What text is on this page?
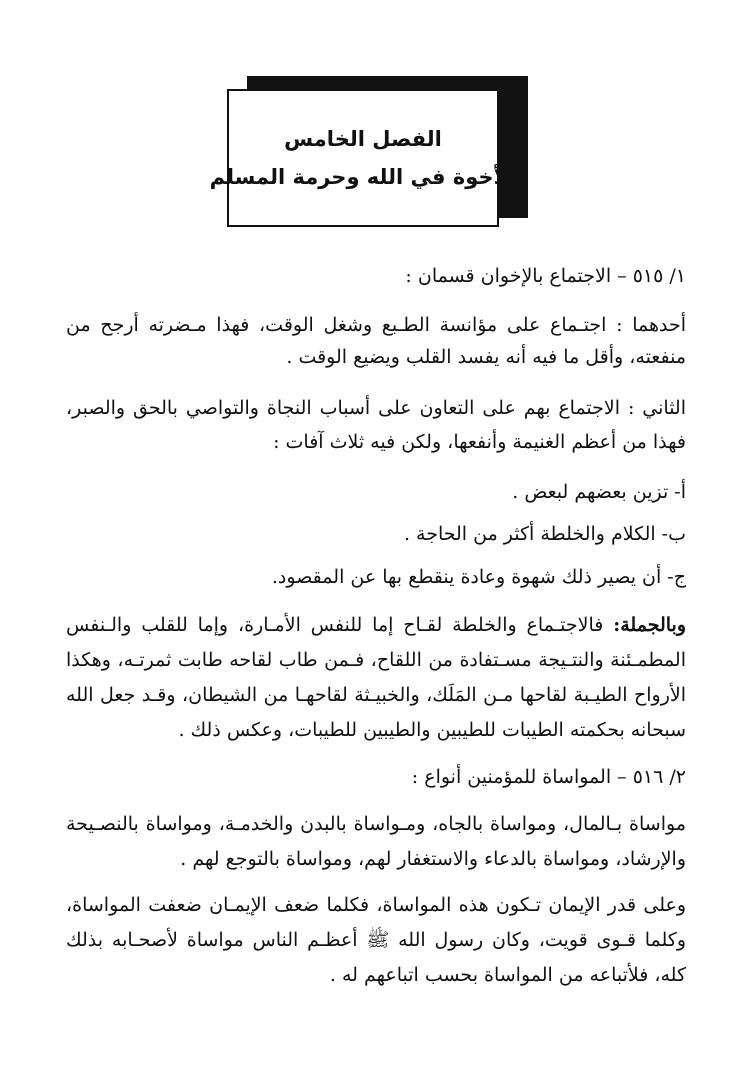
الفصل الخامس
الأخوة في الله وحرمة المسلم
١/ ٥١٥ – الاجتماع بالإخوان قسمان :
أحدهما : اجتـماع على مؤانسة الطـبع وشغل الوقت، فهذا مـضرته أرجح من
منفعته، وأقل ما فيه أنه يفسد القلب ويضيع الوقت .
الثاني : الاجتماع بهم على التعاون على أسباب النجاة والتواصي بالحق والصبر،
فهذا من أعظم الغنيمة وأنفعها، ولكن فيه ثلاث آفات :
أ- تزين بعضهم لبعض .
ب- الكلام والخلطة أكثر من الحاجة .
ج- أن يصير ذلك شهوة وعادة ينقطع بها عن المقصود.
وبالجملة: فالاجتـماع والخلطة لقـاح إما للنفس الأمـارة، وإما للقلب والـنفس
المطمـئنة والنتـيجة مسـتفادة من اللقاح، فـمن طاب لقاحه طابت ثمرتـه، وهكذا
الأرواح الطيـبة لقاحها مـن المَلَك، والخبيـثة لقاحهـا من الشيطان، وقـد جعل الله
سبحانه بحكمته الطيبات للطيبين والطيبين للطيبات، وعكس ذلك .
٢/ ٥١٦ – المواساة للمؤمنين أنواع :
مواساة بـالمال، ومواساة بالجاه، ومـواساة بالبدن والخدمـة، ومواساة بالنصـيحة
والإرشاد، ومواساة بالدعاء والاستغفار لهم، ومواساة بالتوجع لهم .
وعلى قدر الإيمان تـكون هذه المواساة، فكلما ضعف الإيمـان ضعفت المواساة،
وكلما قـوى قويت، وكان رسول الله ﷺ أعظـم الناس مواساة لأصحـابه بذلك
كله، فلأتباعه من المواساة بحسب اتباعهم له .
